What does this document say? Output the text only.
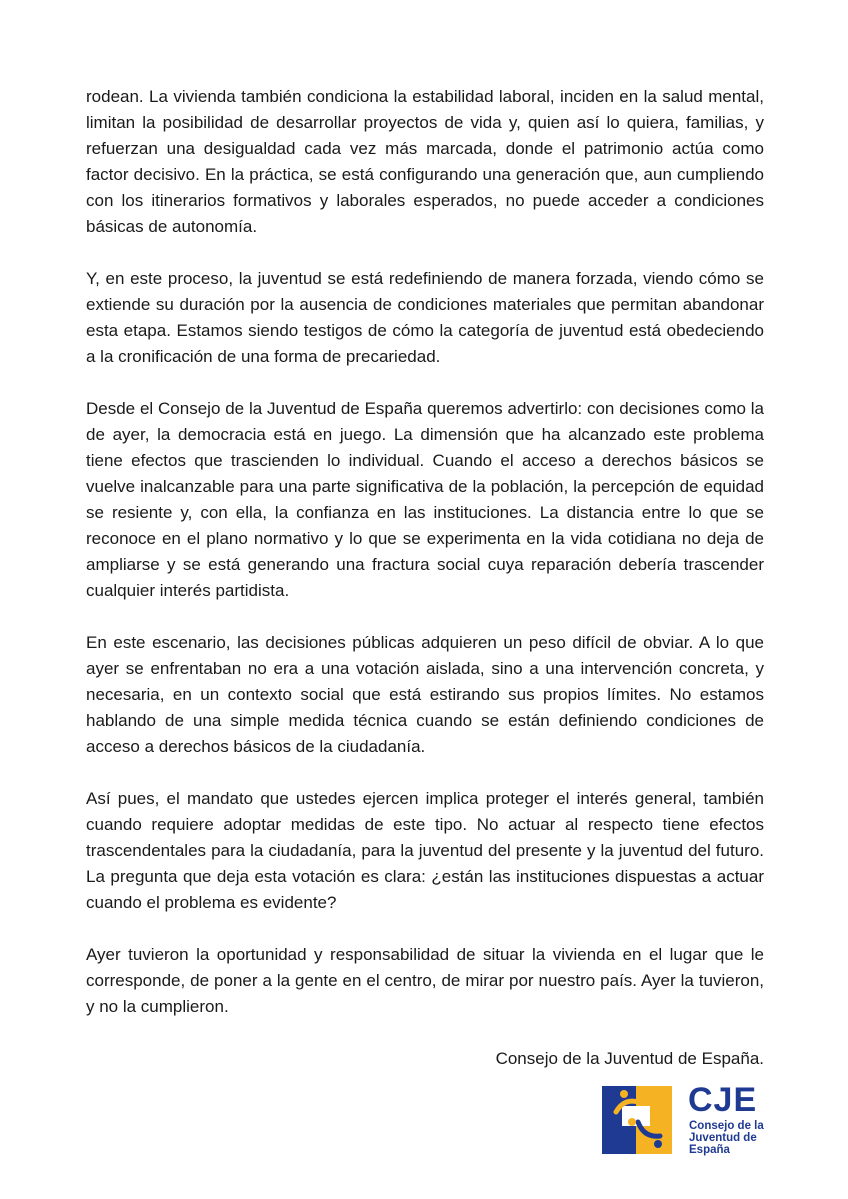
rodean. La vivienda también condiciona la estabilidad laboral, inciden en la salud mental, limitan la posibilidad de desarrollar proyectos de vida y, quien así lo quiera, familias, y refuerzan una desigualdad cada vez más marcada, donde el patrimonio actúa como factor decisivo. En la práctica, se está configurando una generación que, aun cumpliendo con los itinerarios formativos y laborales esperados, no puede acceder a condiciones básicas de autonomía.

Y, en este proceso, la juventud se está redefiniendo de manera forzada, viendo cómo se extiende su duración por la ausencia de condiciones materiales que permitan abandonar esta etapa. Estamos siendo testigos de cómo la categoría de juventud está obedeciendo a la cronificación de una forma de precariedad.

Desde el Consejo de la Juventud de España queremos advertirlo: con decisiones como la de ayer, la democracia está en juego. La dimensión que ha alcanzado este problema tiene efectos que trascienden lo individual. Cuando el acceso a derechos básicos se vuelve inalcanzable para una parte significativa de la población, la percepción de equidad se resiente y, con ella, la confianza en las instituciones. La distancia entre lo que se reconoce en el plano normativo y lo que se experimenta en la vida cotidiana no deja de ampliarse y se está generando una fractura social cuya reparación debería trascender cualquier interés partidista.

En este escenario, las decisiones públicas adquieren un peso difícil de obviar. A lo que ayer se enfrentaban no era a una votación aislada, sino a una intervención concreta, y necesaria, en un contexto social que está estirando sus propios límites. No estamos hablando de una simple medida técnica cuando se están definiendo condiciones de acceso a derechos básicos de la ciudadanía.

Así pues, el mandato que ustedes ejercen implica proteger el interés general, también cuando requiere adoptar medidas de este tipo. No actuar al respecto tiene efectos trascendentales para la ciudadanía, para la juventud del presente y la juventud del futuro. La pregunta que deja esta votación es clara: ¿están las instituciones dispuestas a actuar cuando el problema es evidente?

Ayer tuvieron la oportunidad y responsabilidad de situar la vivienda en el lugar que le corresponde, de poner a la gente en el centro, de mirar por nuestro país. Ayer la tuvieron, y no la cumplieron.

Consejo de la Juventud de España.

CJE
Consejo de la
Juventud de
España
